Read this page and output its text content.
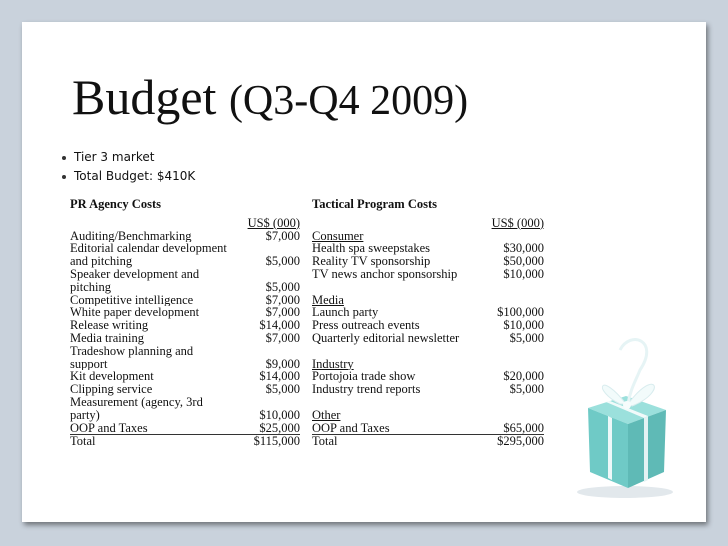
Budget (Q3-Q4 2009)
Tier 3 market
Total Budget: $410K
PR Agency Costs
US$ (000)
Auditing/Benchmarking	$7,000
Editorial calendar development
and pitching	$5,000
Speaker development and
pitching	$5,000
Competitive intelligence	$7,000
White paper development	$7,000
Release writing	$14,000
Media training	$7,000
Tradeshow planning and
support	$9,000
Kit development	$14,000
Clipping service	$5,000
Measurement (agency, 3rd
party)	$10,000
OOP and Taxes	$25,000
Total	$115,000
Tactical Program Costs
US$ (000)
Consumer
Health spa sweepstakes	$30,000
Reality TV sponsorship	$50,000
TV news anchor sponsorship	$10,000
Media
Launch party	$100,000
Press outreach events	$10,000
Quarterly editorial newsletter	$5,000
Industry
Portojoia trade show	$20,000
Industry trend reports	$5,000
Other
OOP and Taxes	$65,000
Total	$295,000
